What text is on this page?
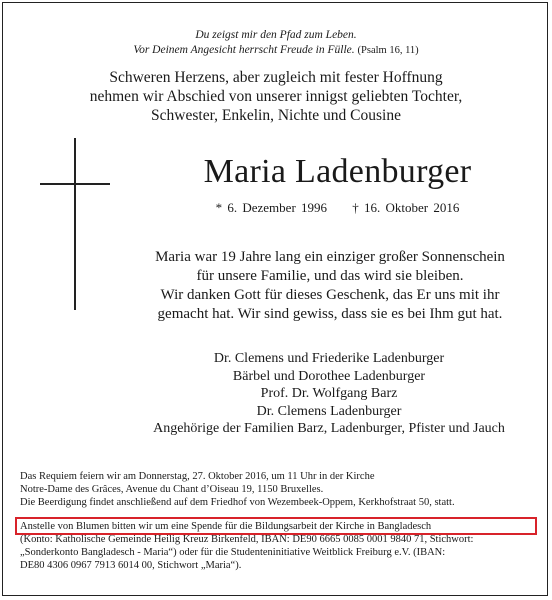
Du zeigst mir den Pfad zum Leben.
Vor Deinem Angesicht herrscht Freude in Fülle. (Psalm 16, 11)
Schweren Herzens, aber zugleich mit fester Hoffnung
nehmen wir Abschied von unserer innigst geliebten Tochter,
Schwester, Enkelin, Nichte und Cousine
Maria Ladenburger
* 6. Dezember 1996 † 16. Oktober 2016
Maria war 19 Jahre lang ein einziger großer Sonnenschein
für unsere Familie, und das wird sie bleiben.
Wir danken Gott für dieses Geschenk, das Er uns mit ihr
gemacht hat. Wir sind gewiss, dass sie es bei Ihm gut hat.
Dr. Clemens und Friederike Ladenburger
Bärbel und Dorothee Ladenburger
Prof. Dr. Wolfgang Barz
Dr. Clemens Ladenburger
Angehörige der Familien Barz, Ladenburger, Pfister und Jauch
Das Requiem feiern wir am Donnerstag, 27. Oktober 2016, um 11 Uhr in der Kirche
Notre-Dame des Grâces, Avenue du Chant d’Oiseau 19, 1150 Bruxelles.
Die Beerdigung findet anschließend auf dem Friedhof von Wezembeek-Oppem, Kerkhofstraat 50, statt.
Anstelle von Blumen bitten wir um eine Spende für die Bildungsarbeit der Kirche in Bangladesch
(Konto: Katholische Gemeinde Heilig Kreuz Birkenfeld, IBAN: DE90 6665 0085 0001 9840 71, Stichwort:
„Sonderkonto Bangladesch - Maria“) oder für die Studenteninitiative Weitblick Freiburg e.V. (IBAN:
DE80 4306 0967 7913 6014 00, Stichwort „Maria“).
